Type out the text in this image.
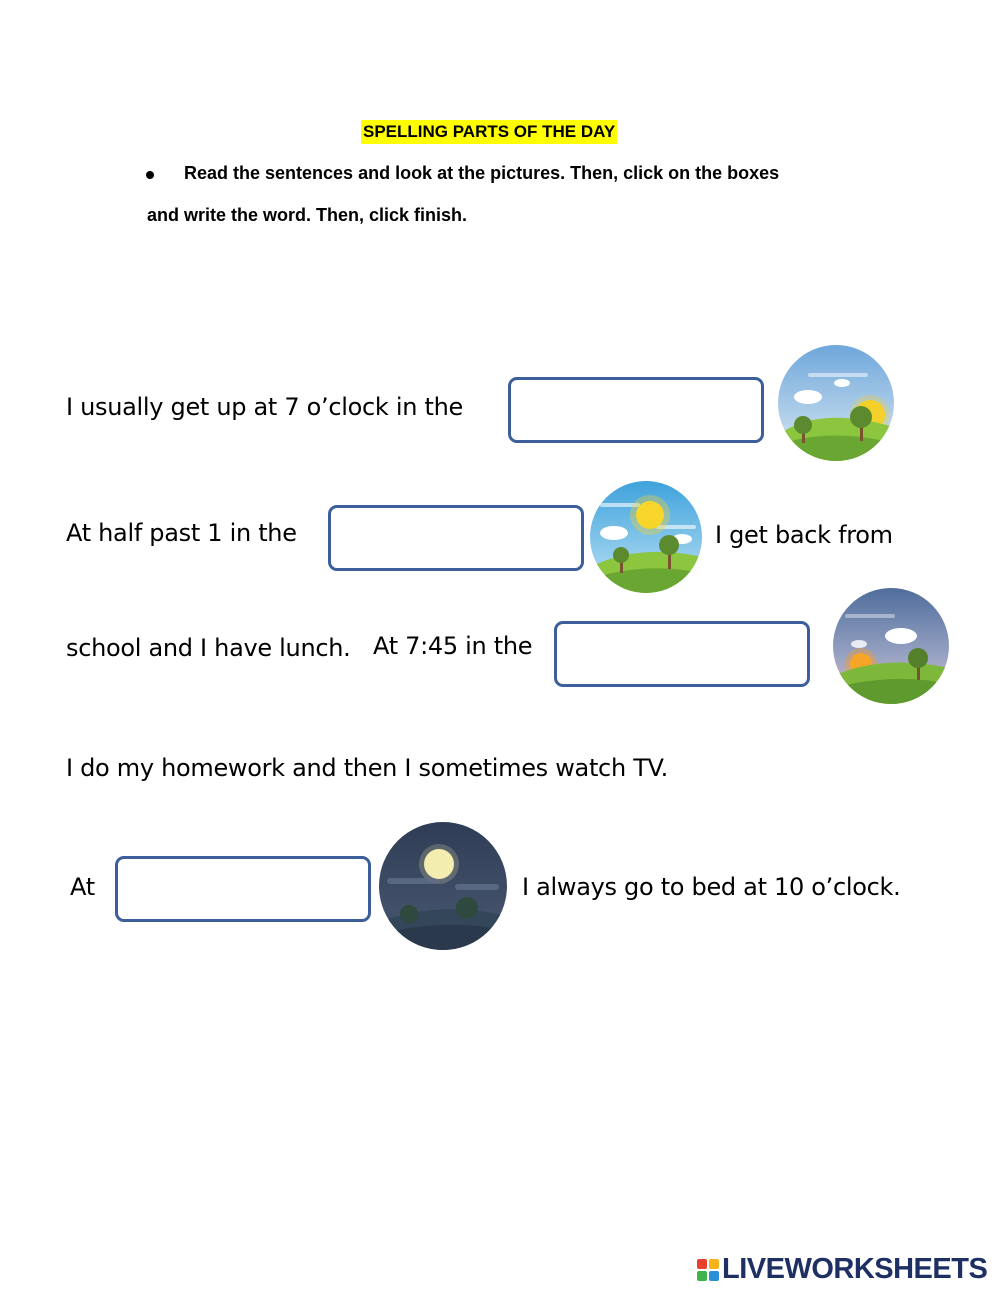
SPELLING PARTS OF THE DAY
Read the sentences and look at the pictures. Then, click on the boxes
and write the word. Then, click finish.
I usually get up at 7 o’clock in the
At half past 1 in the	I get back from
school and I have lunch. At 7:45 in the
I do my homework and then I sometimes watch TV.
At	I always go to bed at 10 o’clock.
LIVEWORKSHEETS
